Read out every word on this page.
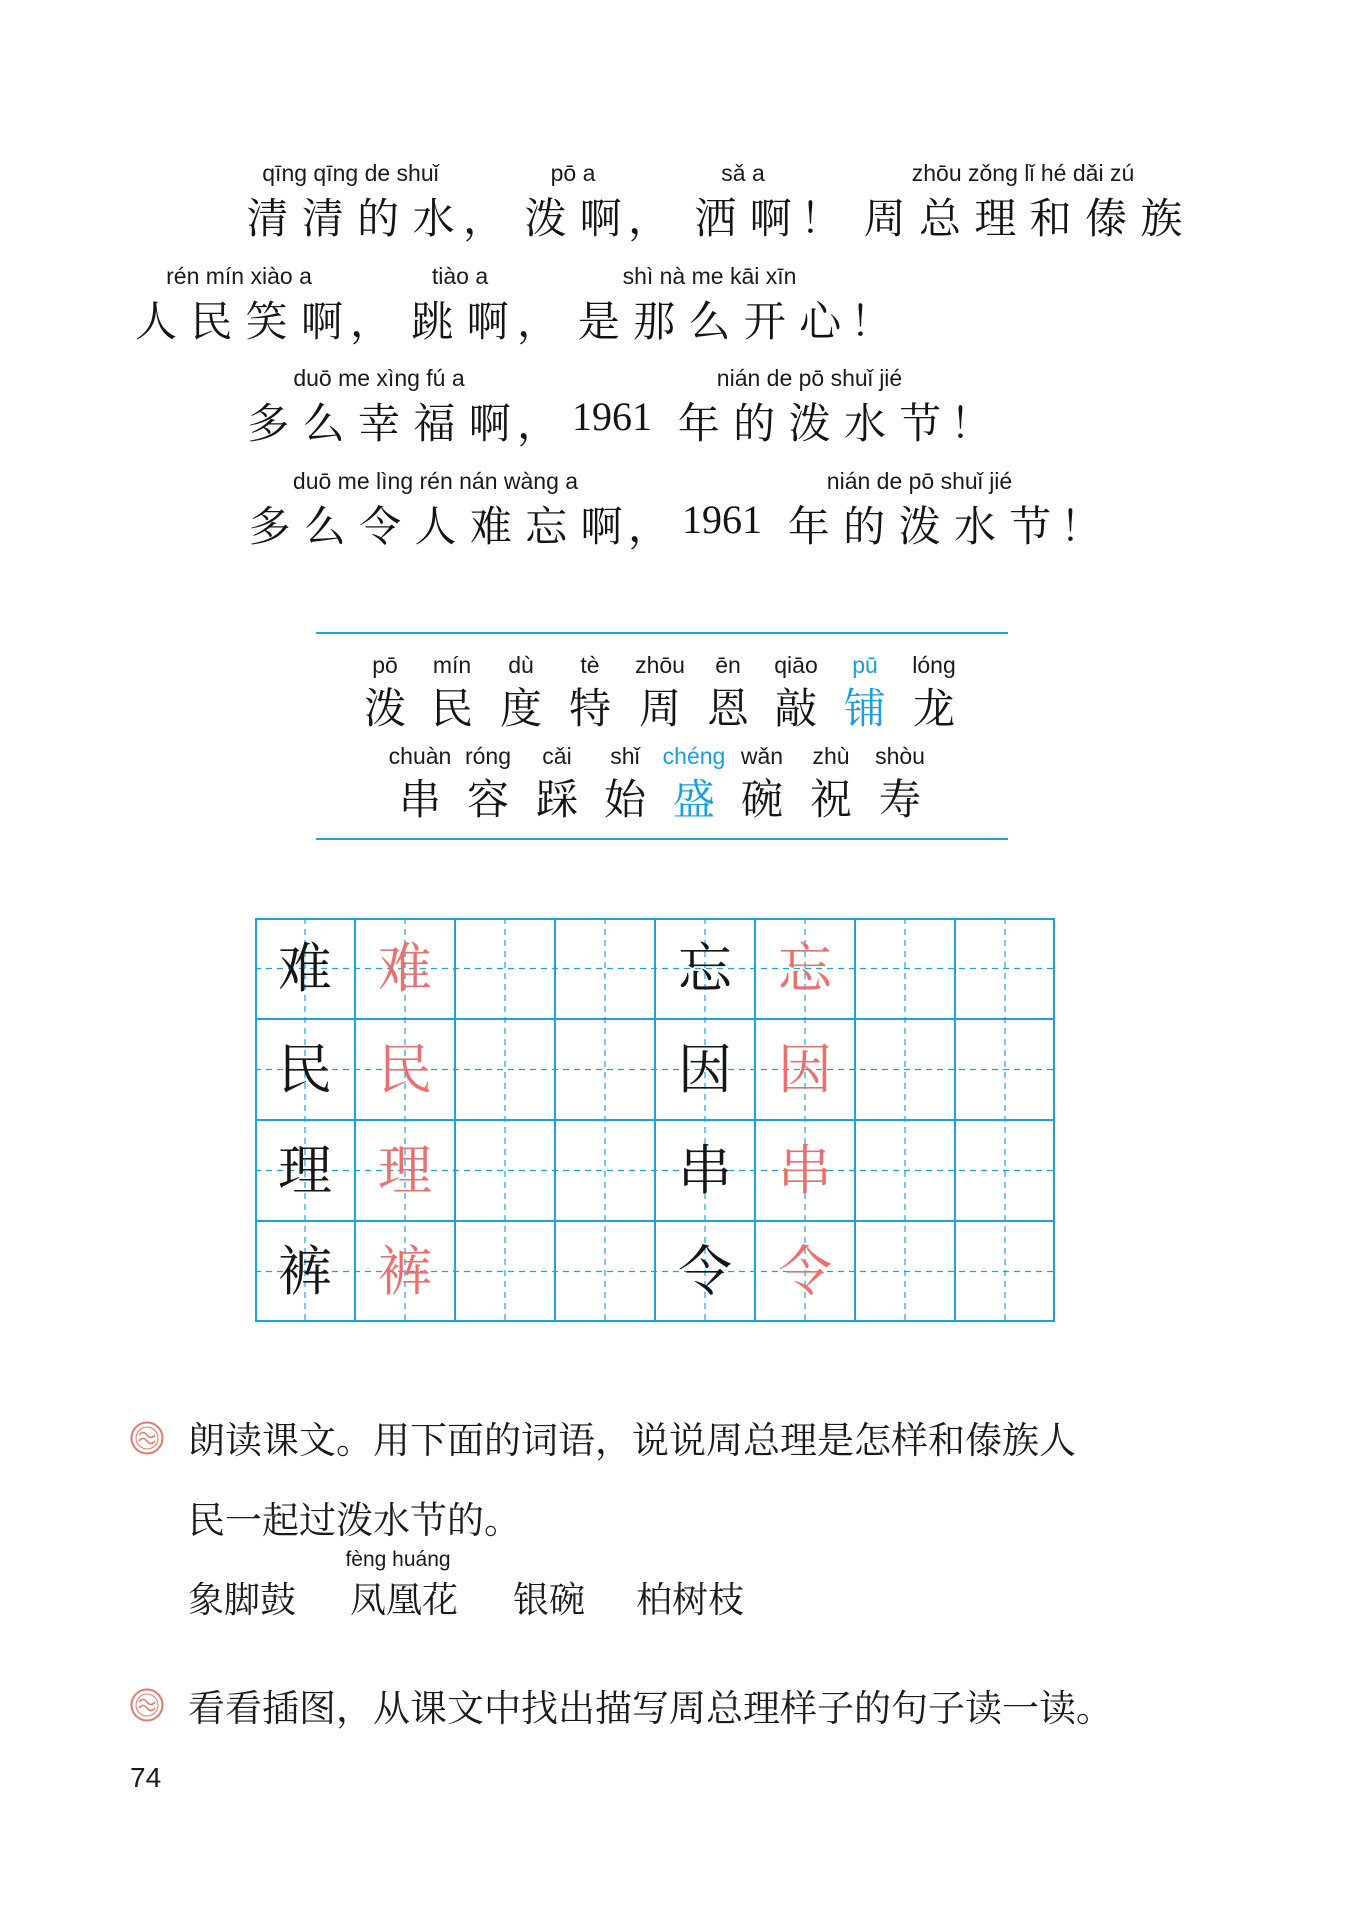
qīng qīng de shuǐ
清 清 的 水 ，
pō a
泼 啊 ，
sǎ a
洒 啊 ！
zhōu zǒng lǐ hé dǎi zú
周 总 理 和 傣 族
rén mín xiào a
人 民 笑 啊 ，
tiào a
跳 啊 ，
shì nà me kāi xīn
是 那 么 开 心 ！
duō me xìng fú a
多 么 幸 福 啊 ， 1961
nián de pō shuǐ jié
年 的 泼 水 节 ！
duō me lìng rén nán wàng a
多 么 令 人 难 忘 啊 ， 1961
nián de pō shuǐ jié
年 的 泼 水 节 ！
pō
泼
mín
民
dù
度
tè
特
zhōu
周
ēn
恩
qiāo
敲
pū
铺
lóng
龙
chuàn
串
róng
容
cǎi
踩
shǐ
始
chéng
盛
wǎn
碗
zhù
祝
shòu
寿
难 难
民 民
理 理
裤 裤
忘 忘
因 因
串 串
令 令
朗读课文。用下面的词语，说说周总理是怎样和傣族人
民一起过泼水节的。
象脚鼓
fèng huáng
凤凰花 银碗 柏树枝
看看插图，从课文中找出描写周总理样子的句子读一读。
74
